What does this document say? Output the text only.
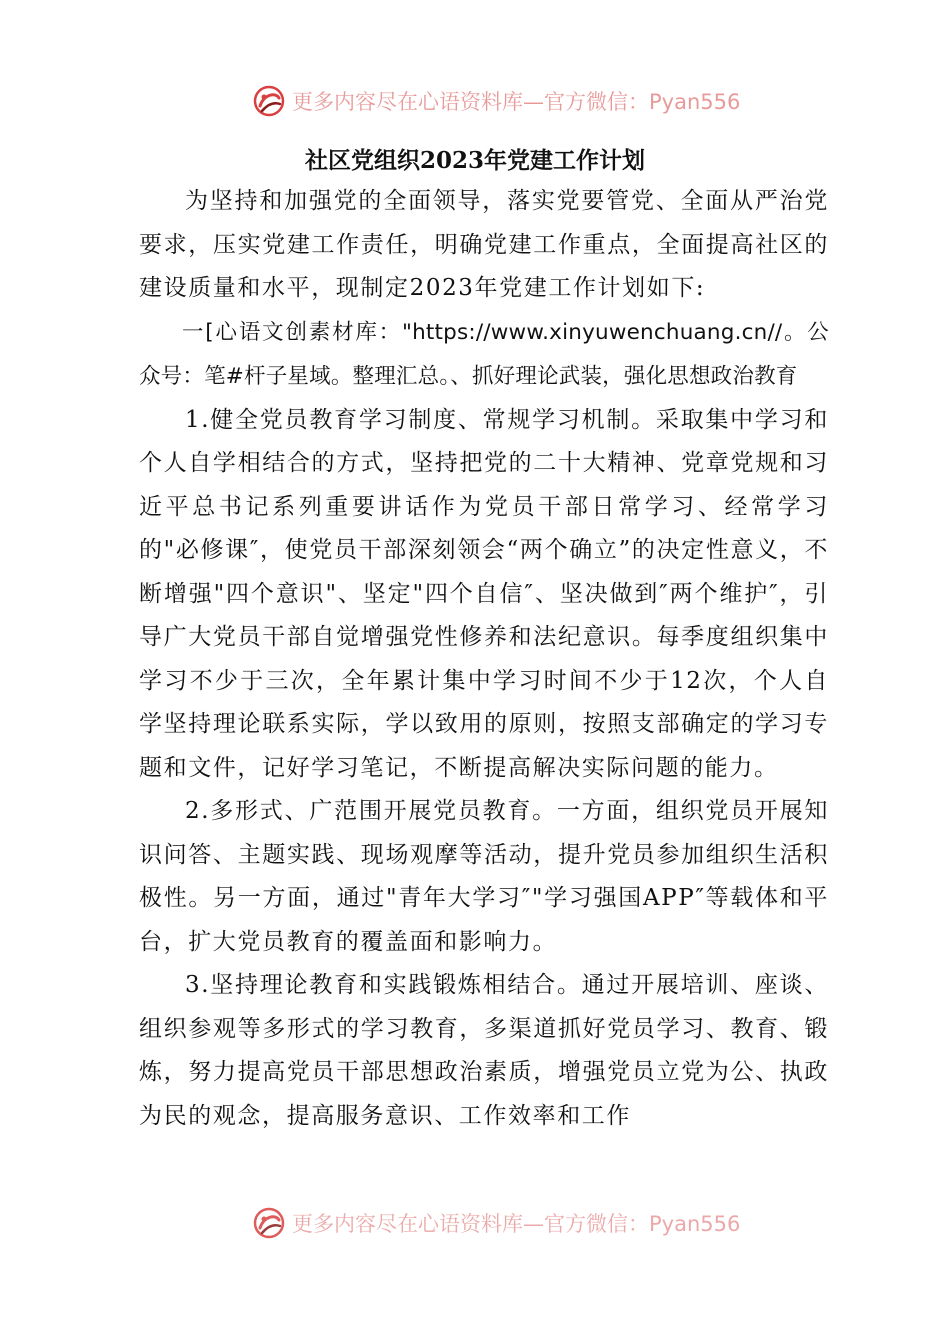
更多内容尽在心语资料库—官方微信：Pyan556
社区党组织2023年党建工作计划

为坚持和加强党的全面领导，落实党要管党、全面从严治党要求，压实党建工作责任，明确党建工作重点，全面提高社区的建设质量和水平，现制定2023年党建工作计划如下:

一[心语文创素材库："https://www.xinyuwenchuang.cn//。公众号：笔#杆子星域。整理汇总。、抓好理论武装，强化思想政治教育

1.健全党员教育学习制度、常规学习机制。采取集中学习和个人自学相结合的方式，坚持把党的二十大精神、党章党规和习近平总书记系列重要讲话作为党员干部日常学习、经常学习的"必修课″，使党员干部深刻领会“两个确立”的决定性意义，不断增强"四个意识"、坚定"四个自信″、坚决做到″两个维护″，引导广大党员干部自觉增强党性修养和法纪意识。每季度组织集中学习不少于三次，全年累计集中学习时间不少于12次，个人自学坚持理论联系实际，学以致用的原则，按照支部确定的学习专题和文件，记好学习笔记，不断提高解决实际问题的能力。

2.多形式、广范围开展党员教育。一方面，组织党员开展知识问答、主题实践、现场观摩等活动，提升党员参加组织生活积极性。另一方面，通过"青年大学习″"学习强国APP″等载体和平台，扩大党员教育的覆盖面和影响力。

3.坚持理论教育和实践锻炼相结合。通过开展培训、座谈、组织参观等多形式的学习教育，多渠道抓好党员学习、教育、锻炼，努力提高党员干部思想政治素质，增强党员立党为公、执政为民的观念，提高服务意识、工作效率和工作

更多内容尽在心语资料库—官方微信：Pyan556
